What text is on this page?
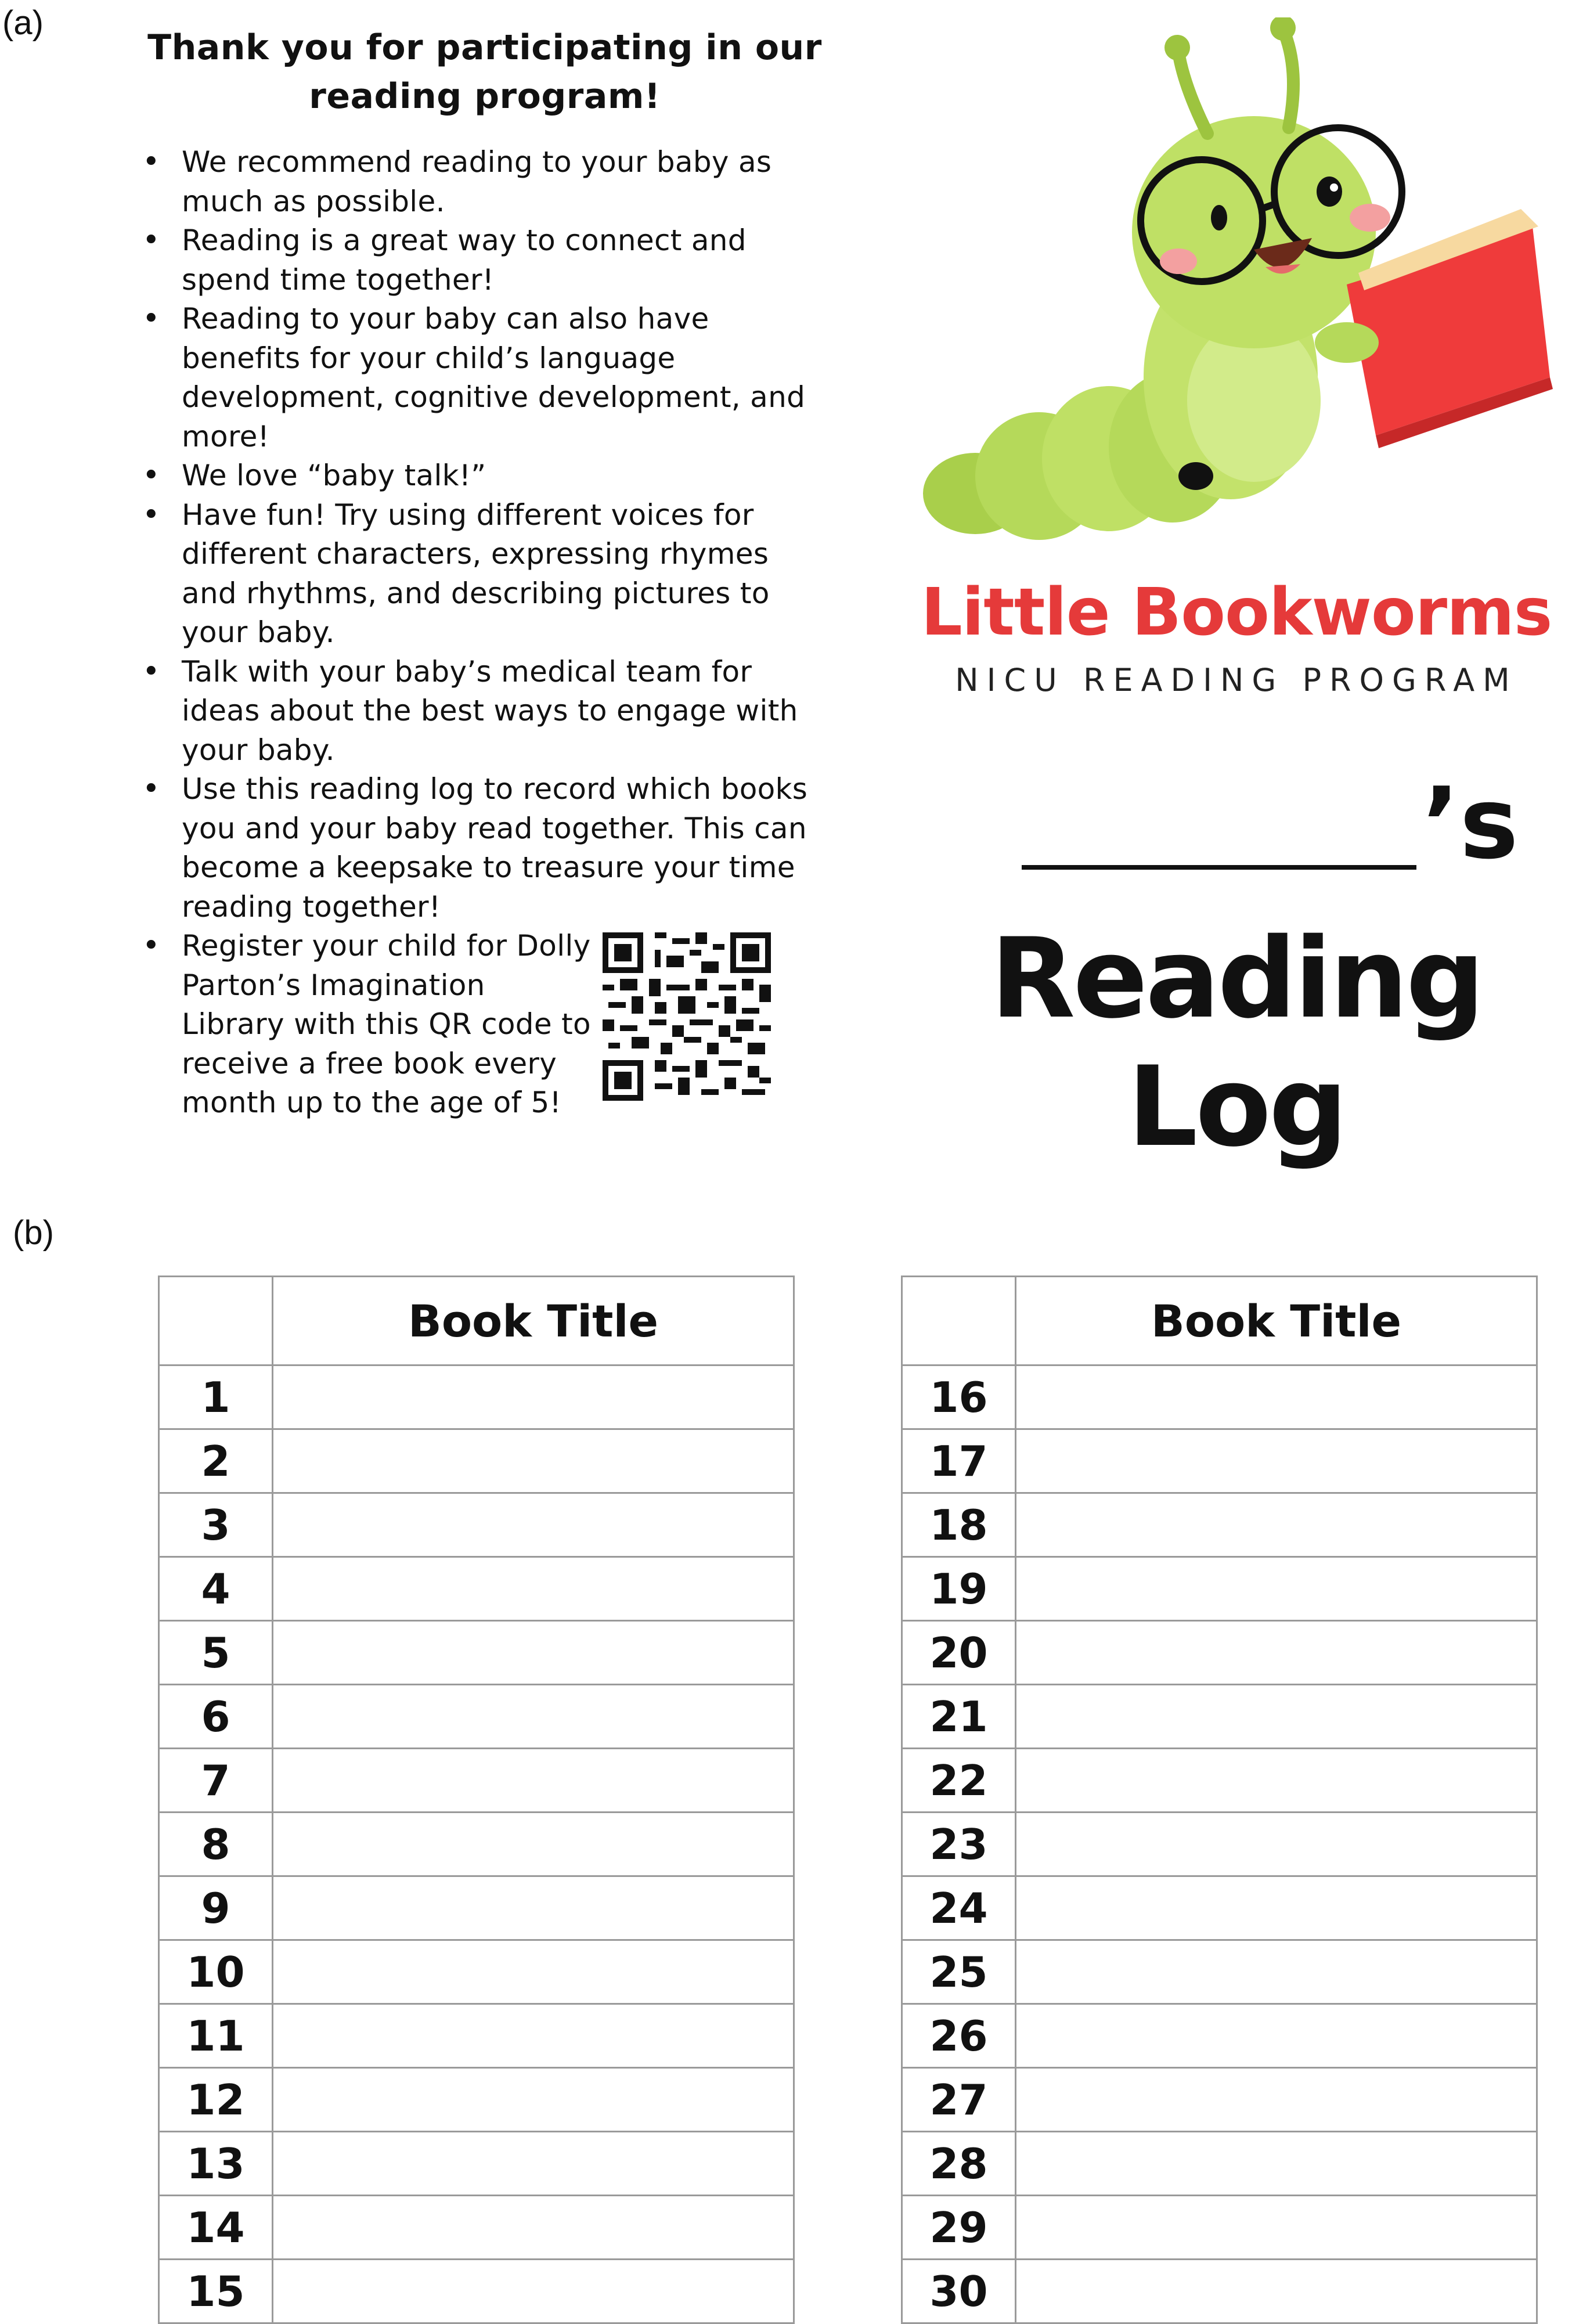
(a)
Thank you for participating in our reading program!
• We recommend reading to your baby as much as possible.
• Reading is a great way to connect and spend time together!
• Reading to your baby can also have benefits for your child’s language development, cognitive development, and more!
• We love “baby talk!”
• Have fun! Try using different voices for different characters, expressing rhymes and rhythms, and describing pictures to your baby.
• Talk with your baby’s medical team for ideas about the best ways to engage with your baby.
• Use this reading log to record which books you and your baby read together. This can become a keepsake to treasure your time reading together!
• Register your child for Dolly Parton’s Imagination Library with this QR code to receive a free book every month up to the age of 5!
Little Bookworms
NICU READING PROGRAM
’s
Reading Log
(b)
	Book Title
1	
2	
3	
4	
5	
6	
7	
8	
9	
10	
11	
12	
13	
14	
15	
	Book Title
16	
17	
18	
19	
20	
21	
22	
23	
24	
25	
26	
27	
28	
29	
30	
